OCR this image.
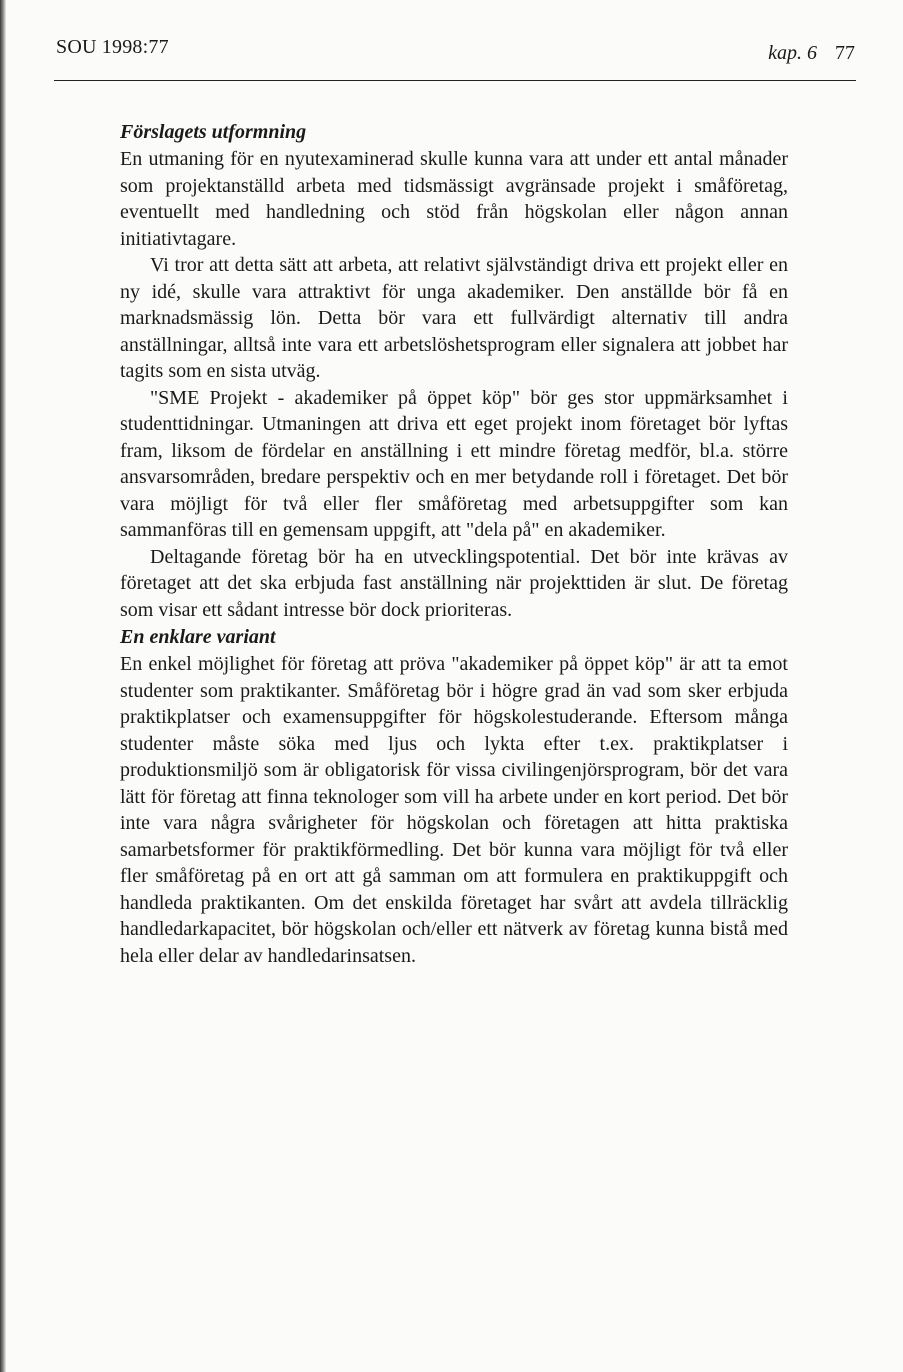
SOU 1998:77	kap. 6 77
Förslagets utformning

En utmaning för en nyutexaminerad skulle kunna vara att under ett antal månader som projektanställd arbeta med tidsmässigt avgränsade projekt i småföretag, eventuellt med handledning och stöd från högskolan eller någon annan initiativtagare.

Vi tror att detta sätt att arbeta, att relativt självständigt driva ett projekt eller en ny idé, skulle vara attraktivt för unga akademiker. Den anställde bör få en marknadsmässig lön. Detta bör vara ett fullvärdigt alternativ till andra anställningar, alltså inte vara ett arbetslöshetsprogram eller signalera att jobbet har tagits som en sista utväg.

"SME Projekt - akademiker på öppet köp" bör ges stor uppmärksamhet i studenttidningar. Utmaningen att driva ett eget projekt inom företaget bör lyftas fram, liksom de fördelar en anställning i ett mindre företag medför, bl.a. större ansvarsområden, bredare perspektiv och en mer betydande roll i företaget. Det bör vara möjligt för två eller fler småföretag med arbetsuppgifter som kan sammanföras till en gemensam uppgift, att "dela på" en akademiker.

Deltagande företag bör ha en utvecklingspotential. Det bör inte krävas av företaget att det ska erbjuda fast anställning när projekttiden är slut. De företag som visar ett sådant intresse bör dock prioriteras.

En enklare variant

En enkel möjlighet för företag att pröva "akademiker på öppet köp" är att ta emot studenter som praktikanter. Småföretag bör i högre grad än vad som sker erbjuda praktikplatser och examensuppgifter för högskolestuderande. Eftersom många studenter måste söka med ljus och lykta efter t.ex. praktikplatser i produktionsmiljö som är obligatorisk för vissa civilingenjörsprogram, bör det vara lätt för företag att finna teknologer som vill ha arbete under en kort period. Det bör inte vara några svårigheter för högskolan och företagen att hitta praktiska samarbetsformer för praktikförmedling. Det bör kunna vara möjligt för två eller fler småföretag på en ort att gå samman om att formulera en praktikuppgift och handleda praktikanten. Om det enskilda företaget har svårt att avdela tillräcklig handledarkapacitet, bör högskolan och/eller ett nätverk av företag kunna bistå med hela eller delar av handledarinsatsen.
